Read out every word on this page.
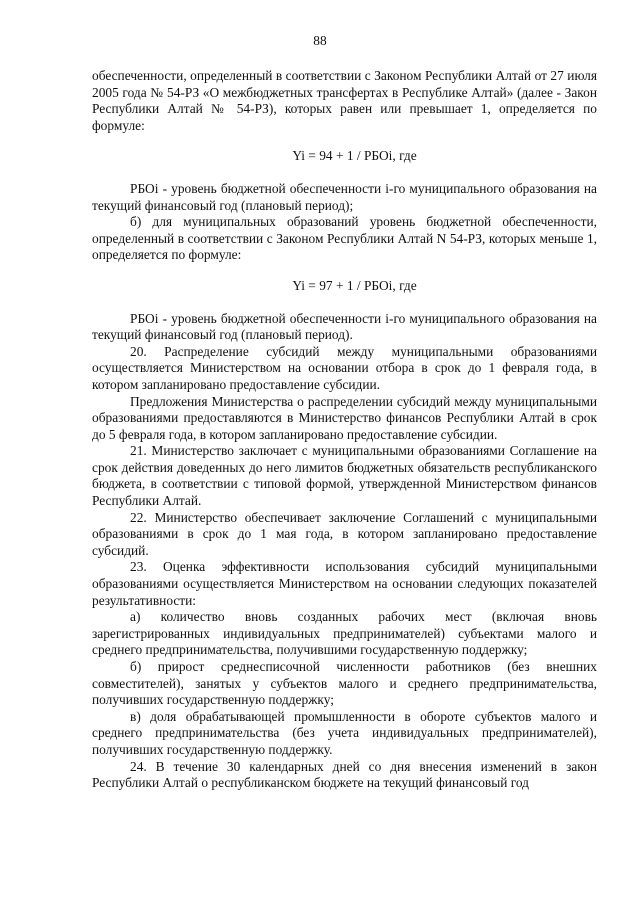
88

обеспеченности, определенный в соответствии с Законом Республики Алтай от 27 июля 2005 года № 54-РЗ «О межбюджетных трансфертах в Республике Алтай» (далее - Закон Республики Алтай № 54-РЗ), которых равен или превышает 1, определяется по формуле:

Yi = 94 + 1 / РБОi, где

РБОi - уровень бюджетной обеспеченности i-го муниципального образования на текущий финансовый год (плановый период);

б) для муниципальных образований уровень бюджетной обеспеченности, определенный в соответствии с Законом Республики Алтай N 54-РЗ, которых меньше 1, определяется по формуле:

Yi = 97 + 1 / РБОi, где

РБОi - уровень бюджетной обеспеченности i-го муниципального образования на текущий финансовый год (плановый период).

20. Распределение субсидий между муниципальными образованиями осуществляется Министерством на основании отбора в срок до 1 февраля года, в котором запланировано предоставление субсидии.

Предложения Министерства о распределении субсидий между муниципальными образованиями предоставляются в Министерство финансов Республики Алтай в срок до 5 февраля года, в котором запланировано предоставление субсидии.

21. Министерство заключает с муниципальными образованиями Соглашение на срок действия доведенных до него лимитов бюджетных обязательств республиканского бюджета, в соответствии с типовой формой, утвержденной Министерством финансов Республики Алтай.

22. Министерство обеспечивает заключение Соглашений с муниципальными образованиями в срок до 1 мая года, в котором запланировано предоставление субсидий.

23. Оценка эффективности использования субсидий муниципальными образованиями осуществляется Министерством на основании следующих показателей результативности:

а) количество вновь созданных рабочих мест (включая вновь зарегистрированных индивидуальных предпринимателей) субъектами малого и среднего предпринимательства, получившими государственную поддержку;

б) прирост среднесписочной численности работников (без внешних совместителей), занятых у субъектов малого и среднего предпринимательства, получивших государственную поддержку;

в) доля обрабатывающей промышленности в обороте субъектов малого и среднего предпринимательства (без учета индивидуальных предпринимателей), получивших государственную поддержку.

24. В течение 30 календарных дней со дня внесения изменений в закон Республики Алтай о республиканском бюджете на текущий финансовый год
